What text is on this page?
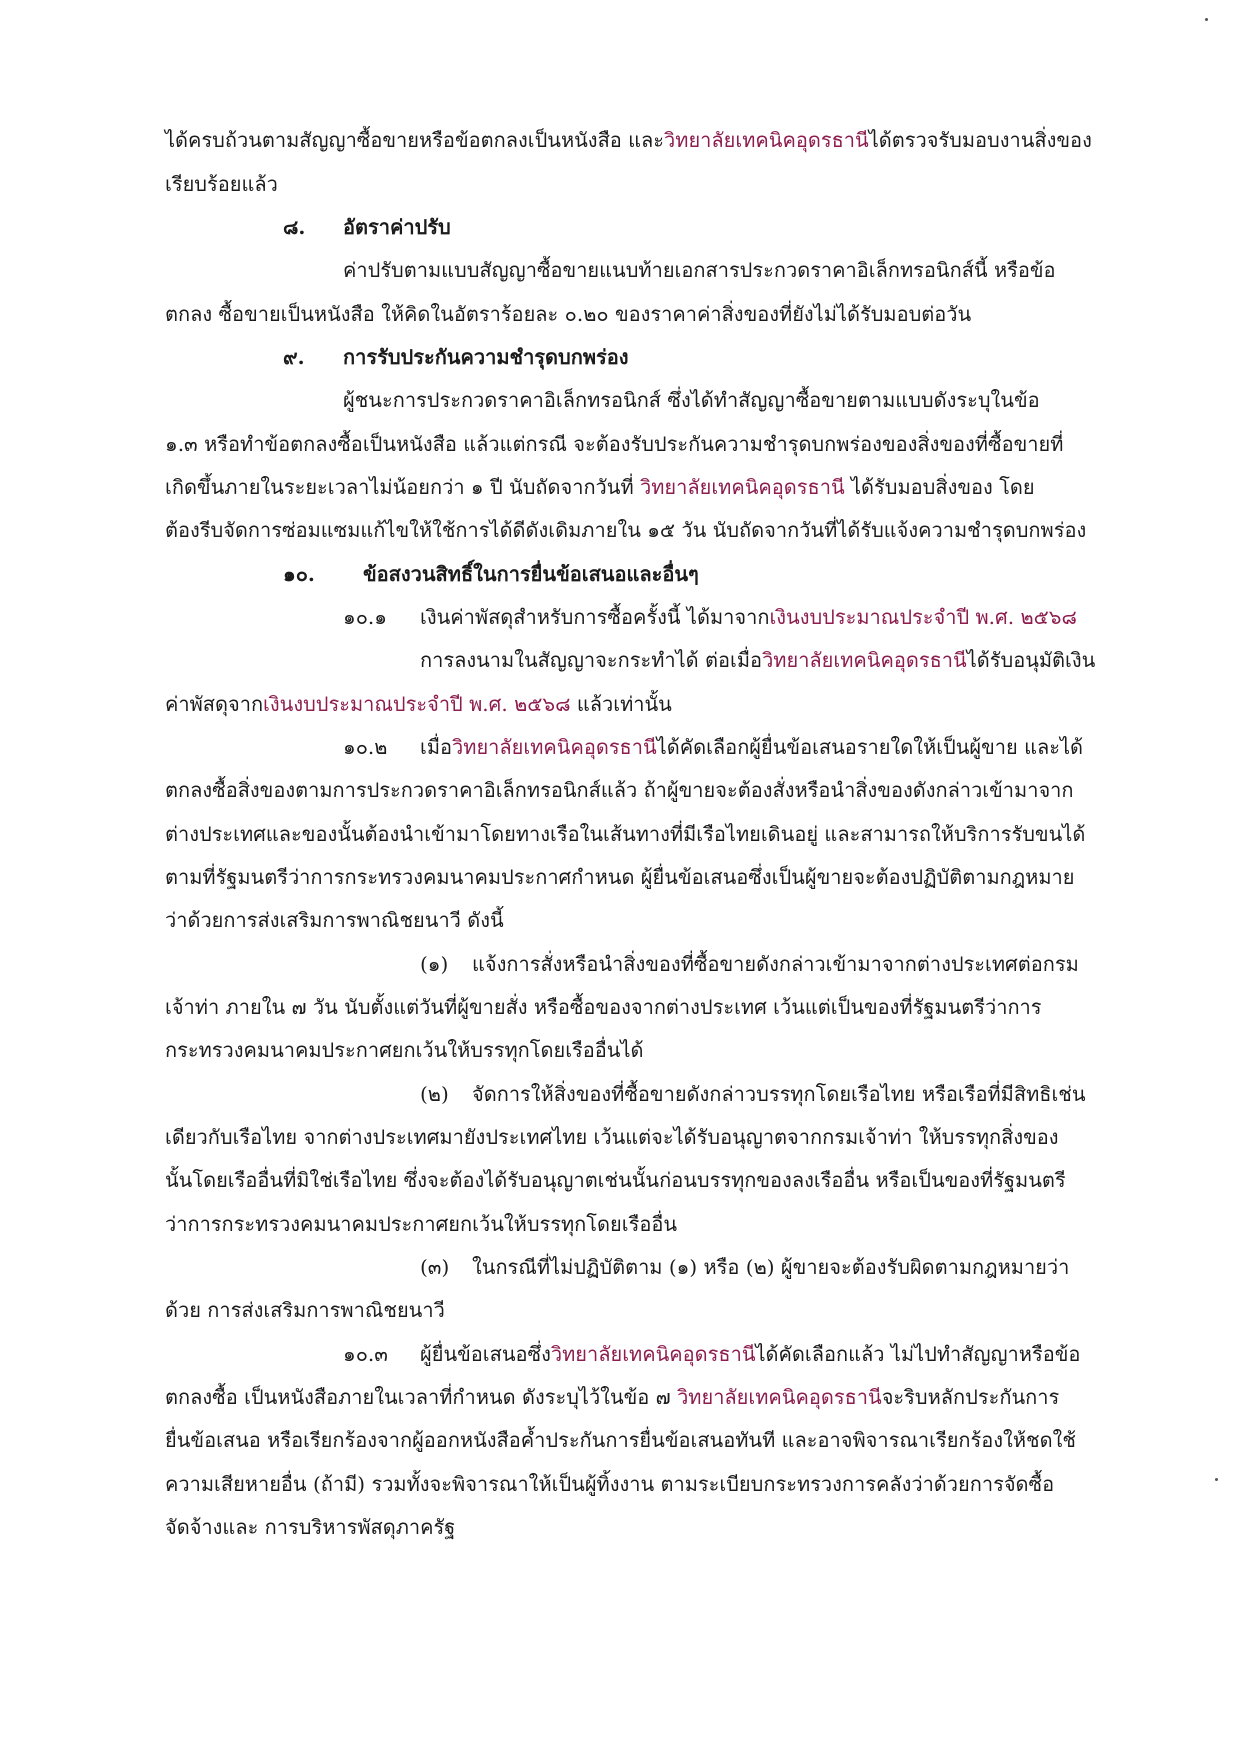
ได้ครบถ้วนตามสัญญาซื้อขายหรือข้อตกลงเป็นหนังสือ และวิทยาลัยเทคนิคอุดรธานีได้ตรวจรับมอบงานสิ่งของ
เรียบร้อยแล้ว
๘. อัตราค่าปรับ
ค่าปรับตามแบบสัญญาซื้อขายแนบท้ายเอกสารประกวดราคาอิเล็กทรอนิกส์นี้ หรือข้อ
ตกลง ซื้อขายเป็นหนังสือ ให้คิดในอัตราร้อยละ ๐.๒๐ ของราคาค่าสิ่งของที่ยังไม่ได้รับมอบต่อวัน
๙. การรับประกันความชำรุดบกพร่อง
ผู้ชนะการประกวดราคาอิเล็กทรอนิกส์ ซึ่งได้ทำสัญญาซื้อขายตามแบบดังระบุในข้อ
๑.๓ หรือทำข้อตกลงซื้อเป็นหนังสือ แล้วแต่กรณี จะต้องรับประกันความชำรุดบกพร่องของสิ่งของที่ซื้อขายที่
เกิดขึ้นภายในระยะเวลาไม่น้อยกว่า ๑ ปี นับถัดจากวันที่ วิทยาลัยเทคนิคอุดรธานี ได้รับมอบสิ่งของ โดย
ต้องรีบจัดการซ่อมแซมแก้ไขให้ใช้การได้ดีดังเดิมภายใน ๑๕ วัน นับถัดจากวันที่ได้รับแจ้งความชำรุดบกพร่อง
๑๐. ข้อสงวนสิทธิ์ในการยื่นข้อเสนอและอื่นๆ
๑๐.๑ เงินค่าพัสดุสำหรับการซื้อครั้งนี้ ได้มาจากเงินงบประมาณประจำปี พ.ศ. ๒๕๖๘
การลงนามในสัญญาจะกระทำได้ ต่อเมื่อวิทยาลัยเทคนิคอุดรธานีได้รับอนุมัติเงิน
ค่าพัสดุจากเงินงบประมาณประจำปี พ.ศ. ๒๕๖๘ แล้วเท่านั้น
๑๐.๒ เมื่อวิทยาลัยเทคนิคอุดรธานีได้คัดเลือกผู้ยื่นข้อเสนอรายใดให้เป็นผู้ขาย และได้
ตกลงซื้อสิ่งของตามการประกวดราคาอิเล็กทรอนิกส์แล้ว ถ้าผู้ขายจะต้องสั่งหรือนำสิ่งของดังกล่าวเข้ามาจาก
ต่างประเทศและของนั้นต้องนำเข้ามาโดยทางเรือในเส้นทางที่มีเรือไทยเดินอยู่ และสามารถให้บริการรับขนได้
ตามที่รัฐมนตรีว่าการกระทรวงคมนาคมประกาศกำหนด ผู้ยื่นข้อเสนอซึ่งเป็นผู้ขายจะต้องปฏิบัติตามกฎหมาย
ว่าด้วยการส่งเสริมการพาณิชยนาวี ดังนี้
(๑) แจ้งการสั่งหรือนำสิ่งของที่ซื้อขายดังกล่าวเข้ามาจากต่างประเทศต่อกรม
เจ้าท่า ภายใน ๗ วัน นับตั้งแต่วันที่ผู้ขายสั่ง หรือซื้อของจากต่างประเทศ เว้นแต่เป็นของที่รัฐมนตรีว่าการ
กระทรวงคมนาคมประกาศยกเว้นให้บรรทุกโดยเรืออื่นได้
(๒) จัดการให้สิ่งของที่ซื้อขายดังกล่าวบรรทุกโดยเรือไทย หรือเรือที่มีสิทธิเช่น
เดียวกับเรือไทย จากต่างประเทศมายังประเทศไทย เว้นแต่จะได้รับอนุญาตจากกรมเจ้าท่า ให้บรรทุกสิ่งของ
นั้นโดยเรืออื่นที่มิใช่เรือไทย ซึ่งจะต้องได้รับอนุญาตเช่นนั้นก่อนบรรทุกของลงเรืออื่น หรือเป็นของที่รัฐมนตรี
ว่าการกระทรวงคมนาคมประกาศยกเว้นให้บรรทุกโดยเรืออื่น
(๓) ในกรณีที่ไม่ปฏิบัติตาม (๑) หรือ (๒) ผู้ขายจะต้องรับผิดตามกฎหมายว่า
ด้วย การส่งเสริมการพาณิชยนาวี
๑๐.๓ ผู้ยื่นข้อเสนอซึ่งวิทยาลัยเทคนิคอุดรธานีได้คัดเลือกแล้ว ไม่ไปทำสัญญาหรือข้อ
ตกลงซื้อ เป็นหนังสือภายในเวลาที่กำหนด ดังระบุไว้ในข้อ ๗ วิทยาลัยเทคนิคอุดรธานีจะริบหลักประกันการ
ยื่นข้อเสนอ หรือเรียกร้องจากผู้ออกหนังสือค้ำประกันการยื่นข้อเสนอทันที และอาจพิจารณาเรียกร้องให้ชดใช้
ความเสียหายอื่น (ถ้ามี) รวมทั้งจะพิจารณาให้เป็นผู้ทิ้งงาน ตามระเบียบกระทรวงการคลังว่าด้วยการจัดซื้อ
จัดจ้างและ การบริหารพัสดุภาครัฐ
